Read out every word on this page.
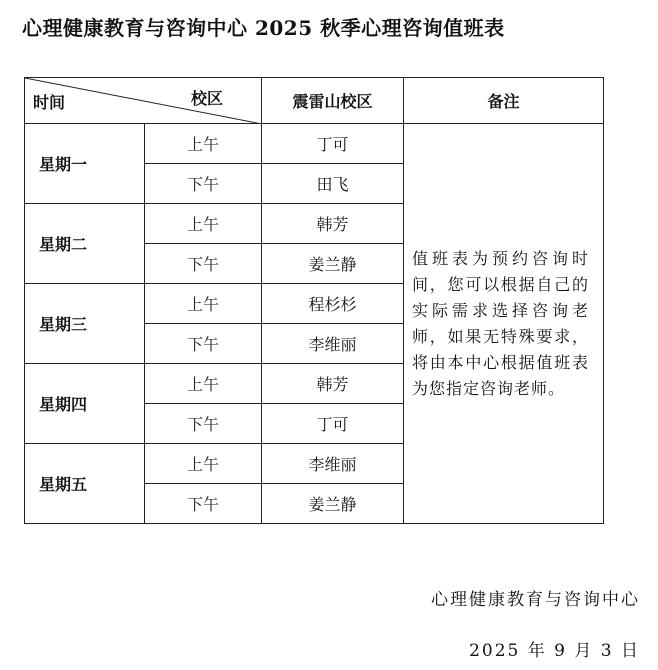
心理健康教育与咨询中心 2025 秋季心理咨询值班表
时间 校区		震雷山校区	备注
星期一	上午	丁可	值班表为预约咨询时间，您可以根据自己的实际需求选择咨询老师，如果无特殊要求，将由本中心根据值班表为您指定咨询老师。
	下午	田飞	
星期二	上午	韩芳	
	下午	姜兰静	
星期三	上午	程杉杉	
	下午	李维丽	
星期四	上午	韩芳	
	下午	丁可	
星期五	上午	李维丽	
	下午	姜兰静	
心理健康教育与咨询中心
2025 年 9 月 3 日
